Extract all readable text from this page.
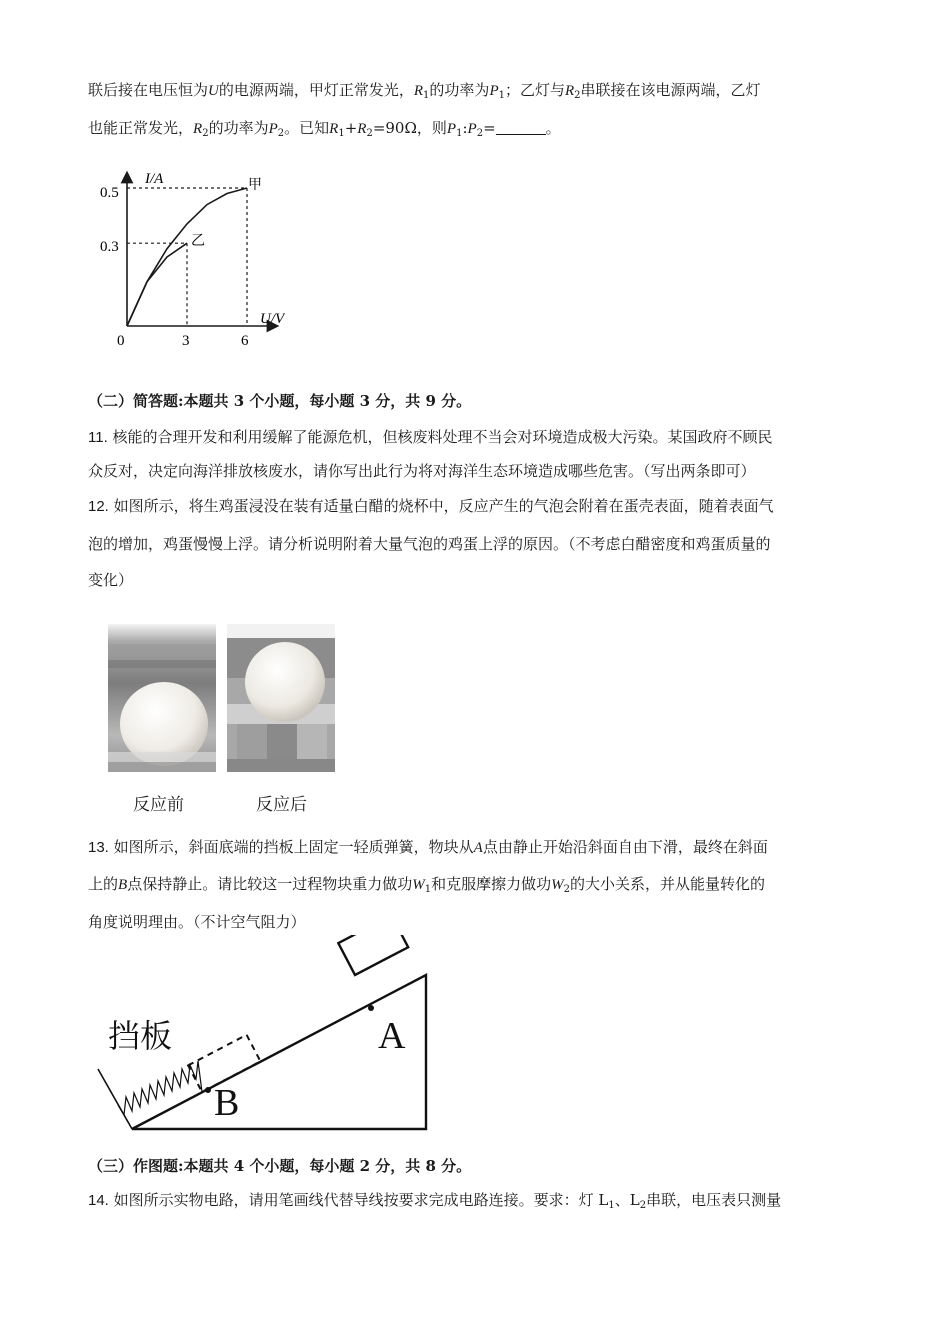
联后接在电压恒为U的电源两端，甲灯正常发光，$R_1$的功率为$P_1$；乙灯与$R_2$串联接在该电源两端，乙灯
也能正常发光，$R_2$的功率为$P_2$。已知$R_1+R_2=90\Omega$，则$P_1:P_2=$	。
I/A
U/V
0
0.5
0.3
3	6
甲
乙
（二）简答题:本题共 3 个小题，每小题 3 分，共 9 分。
11. 核能的合理开发和利用缓解了能源危机，但核废料处理不当会对环境造成极大污染。某国政府不顾民
众反对，决定向海洋排放核废水，请你写出此行为将对海洋生态环境造成哪些危害。（写出两条即可）
12. 如图所示，将生鸡蛋浸没在装有适量白醋的烧杯中，反应产生的气泡会附着在蛋壳表面，随着表面气
泡的增加，鸡蛋慢慢上浮。请分析说明附着大量气泡的鸡蛋上浮的原因。（不考虑白醋密度和鸡蛋质量的
变化）
反应前	反应后
13. 如图所示，斜面底端的挡板上固定一轻质弹簧，物块从A点由静止开始沿斜面自由下滑，最终在斜面
上的B点保持静止。请比较这一过程物块重力做功$W_1$和克服摩擦力做功$W_2$的大小关系，并从能量转化的
角度说明理由。（不计空气阻力）
挡板	A
B
（三）作图题:本题共 4 个小题，每小题 2 分，共 8 分。
14. 如图所示实物电路，请用笔画线代替导线按要求完成电路连接。要求：灯 $L_1$、$L_2$串联，电压表只测量
